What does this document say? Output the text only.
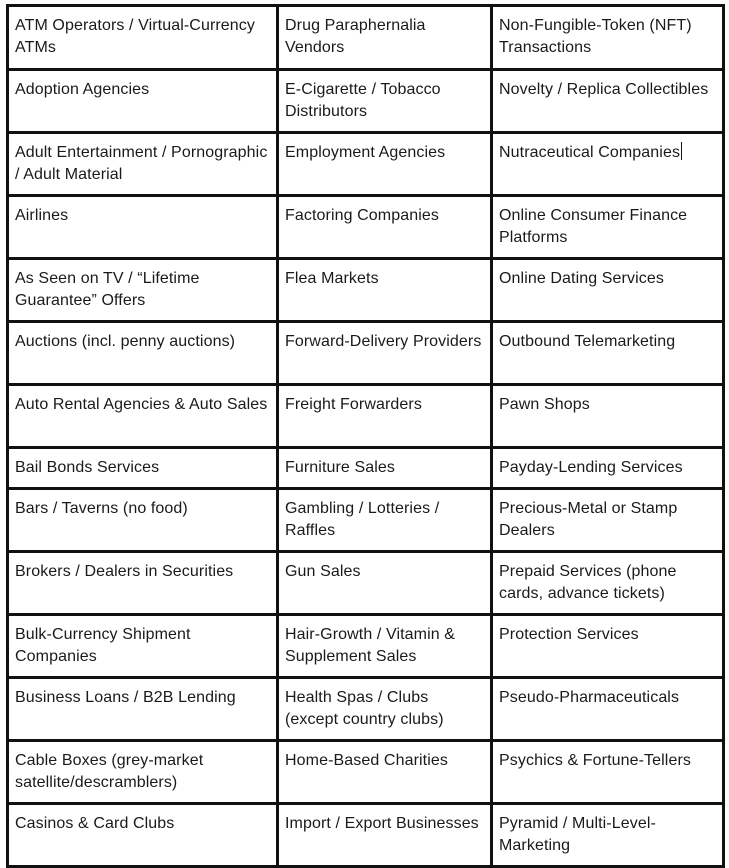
ATM Operators / Virtual-Currency ATMs	Drug Paraphernalia Vendors	Non-Fungible-Token (NFT) Transactions
Adoption Agencies	E-Cigarette / Tobacco Distributors	Novelty / Replica Collectibles
Adult Entertainment / Pornographic / Adult Material	Employment Agencies	Nutraceutical Companies
Airlines	Factoring Companies	Online Consumer Finance Platforms
As Seen on TV / “Lifetime Guarantee” Offers	Flea Markets	Online Dating Services
Auctions (incl. penny auctions)	Forward-Delivery Providers	Outbound Telemarketing
Auto Rental Agencies & Auto Sales	Freight Forwarders	Pawn Shops
Bail Bonds Services	Furniture Sales	Payday-Lending Services
Bars / Taverns (no food)	Gambling / Lotteries / Raffles	Precious-Metal or Stamp Dealers
Brokers / Dealers in Securities	Gun Sales	Prepaid Services (phone cards, advance tickets)
Bulk-Currency Shipment Companies	Hair-Growth / Vitamin & Supplement Sales	Protection Services
Business Loans / B2B Lending	Health Spas / Clubs (except country clubs)	Pseudo-Pharmaceuticals
Cable Boxes (grey-market satellite/descramblers)	Home-Based Charities	Psychics & Fortune-Tellers
Casinos & Card Clubs	Import / Export Businesses	Pyramid / Multi-Level-Marketing
